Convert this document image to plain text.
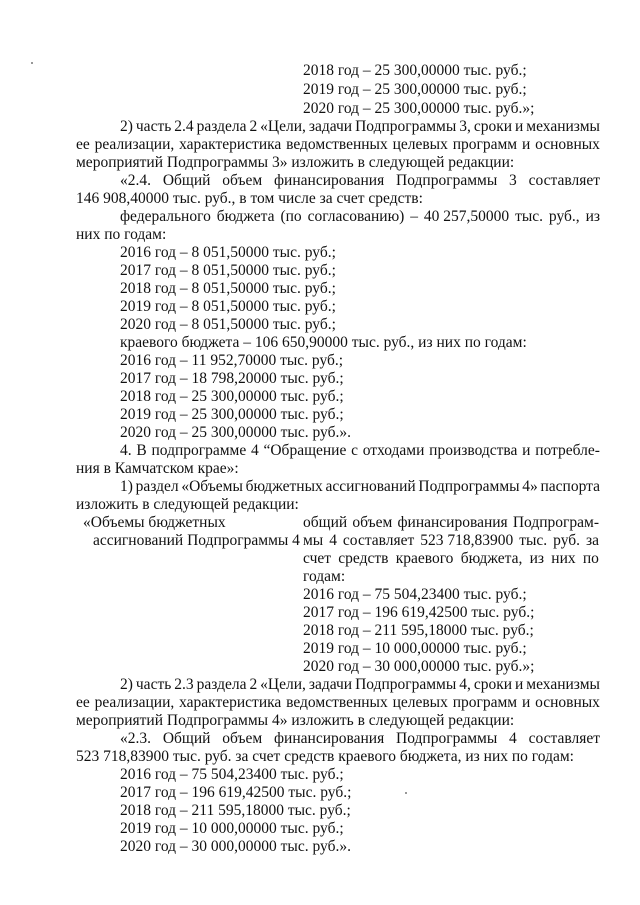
2018 год – 25 300,00000 тыс. руб.;
2019 год – 25 300,00000 тыс. руб.;
2020 год – 25 300,00000 тыс. руб.»;
2) часть 2.4 раздела 2 «Цели, задачи Подпрограммы 3, сроки и механизмы
ее реализации, характеристика ведомственных целевых программ и основных
мероприятий Подпрограммы 3» изложить в следующей редакции:
«2.4. Общий объем финансирования Подпрограммы 3 составляет
146 908,40000 тыс. руб., в том числе за счет средств:
федерального бюджета (по согласованию) – 40 257,50000 тыс. руб., из
них по годам:
2016 год – 8 051,50000 тыс. руб.;
2017 год – 8 051,50000 тыс. руб.;
2018 год – 8 051,50000 тыс. руб.;
2019 год – 8 051,50000 тыс. руб.;
2020 год – 8 051,50000 тыс. руб.;
краевого бюджета – 106 650,90000 тыс. руб., из них по годам:
2016 год – 11 952,70000 тыс. руб.;
2017 год – 18 798,20000 тыс. руб.;
2018 год – 25 300,00000 тыс. руб.;
2019 год – 25 300,00000 тыс. руб.;
2020 год – 25 300,00000 тыс. руб.».
4. В подпрограмме 4 “Обращение с отходами производства и потребле-
ния в Камчатском крае»:
1) раздел «Объемы бюджетных ассигнований Подпрограммы 4» паспорта
изложить в следующей редакции:
«Объемы бюджетных
ассигнований Подпрограммы 4
общий объем финансирования Подпрограм-
мы 4 составляет 523 718,83900 тыс. руб. за
счет средств краевого бюджета, из них по
годам:
2016 год – 75 504,23400 тыс. руб.;
2017 год – 196 619,42500 тыс. руб.;
2018 год – 211 595,18000 тыс. руб.;
2019 год – 10 000,00000 тыс. руб.;
2020 год – 30 000,00000 тыс. руб.»;
2) часть 2.3 раздела 2 «Цели, задачи Подпрограммы 4, сроки и механизмы
ее реализации, характеристика ведомственных целевых программ и основных
мероприятий Подпрограммы 4» изложить в следующей редакции:
«2.3. Общий объем финансирования Подпрограммы 4 составляет
523 718,83900 тыс. руб. за счет средств краевого бюджета, из них по годам:
2016 год – 75 504,23400 тыс. руб.;
2017 год – 196 619,42500 тыс. руб.;
2018 год – 211 595,18000 тыс. руб.;
2019 год – 10 000,00000 тыс. руб.;
2020 год – 30 000,00000 тыс. руб.».
